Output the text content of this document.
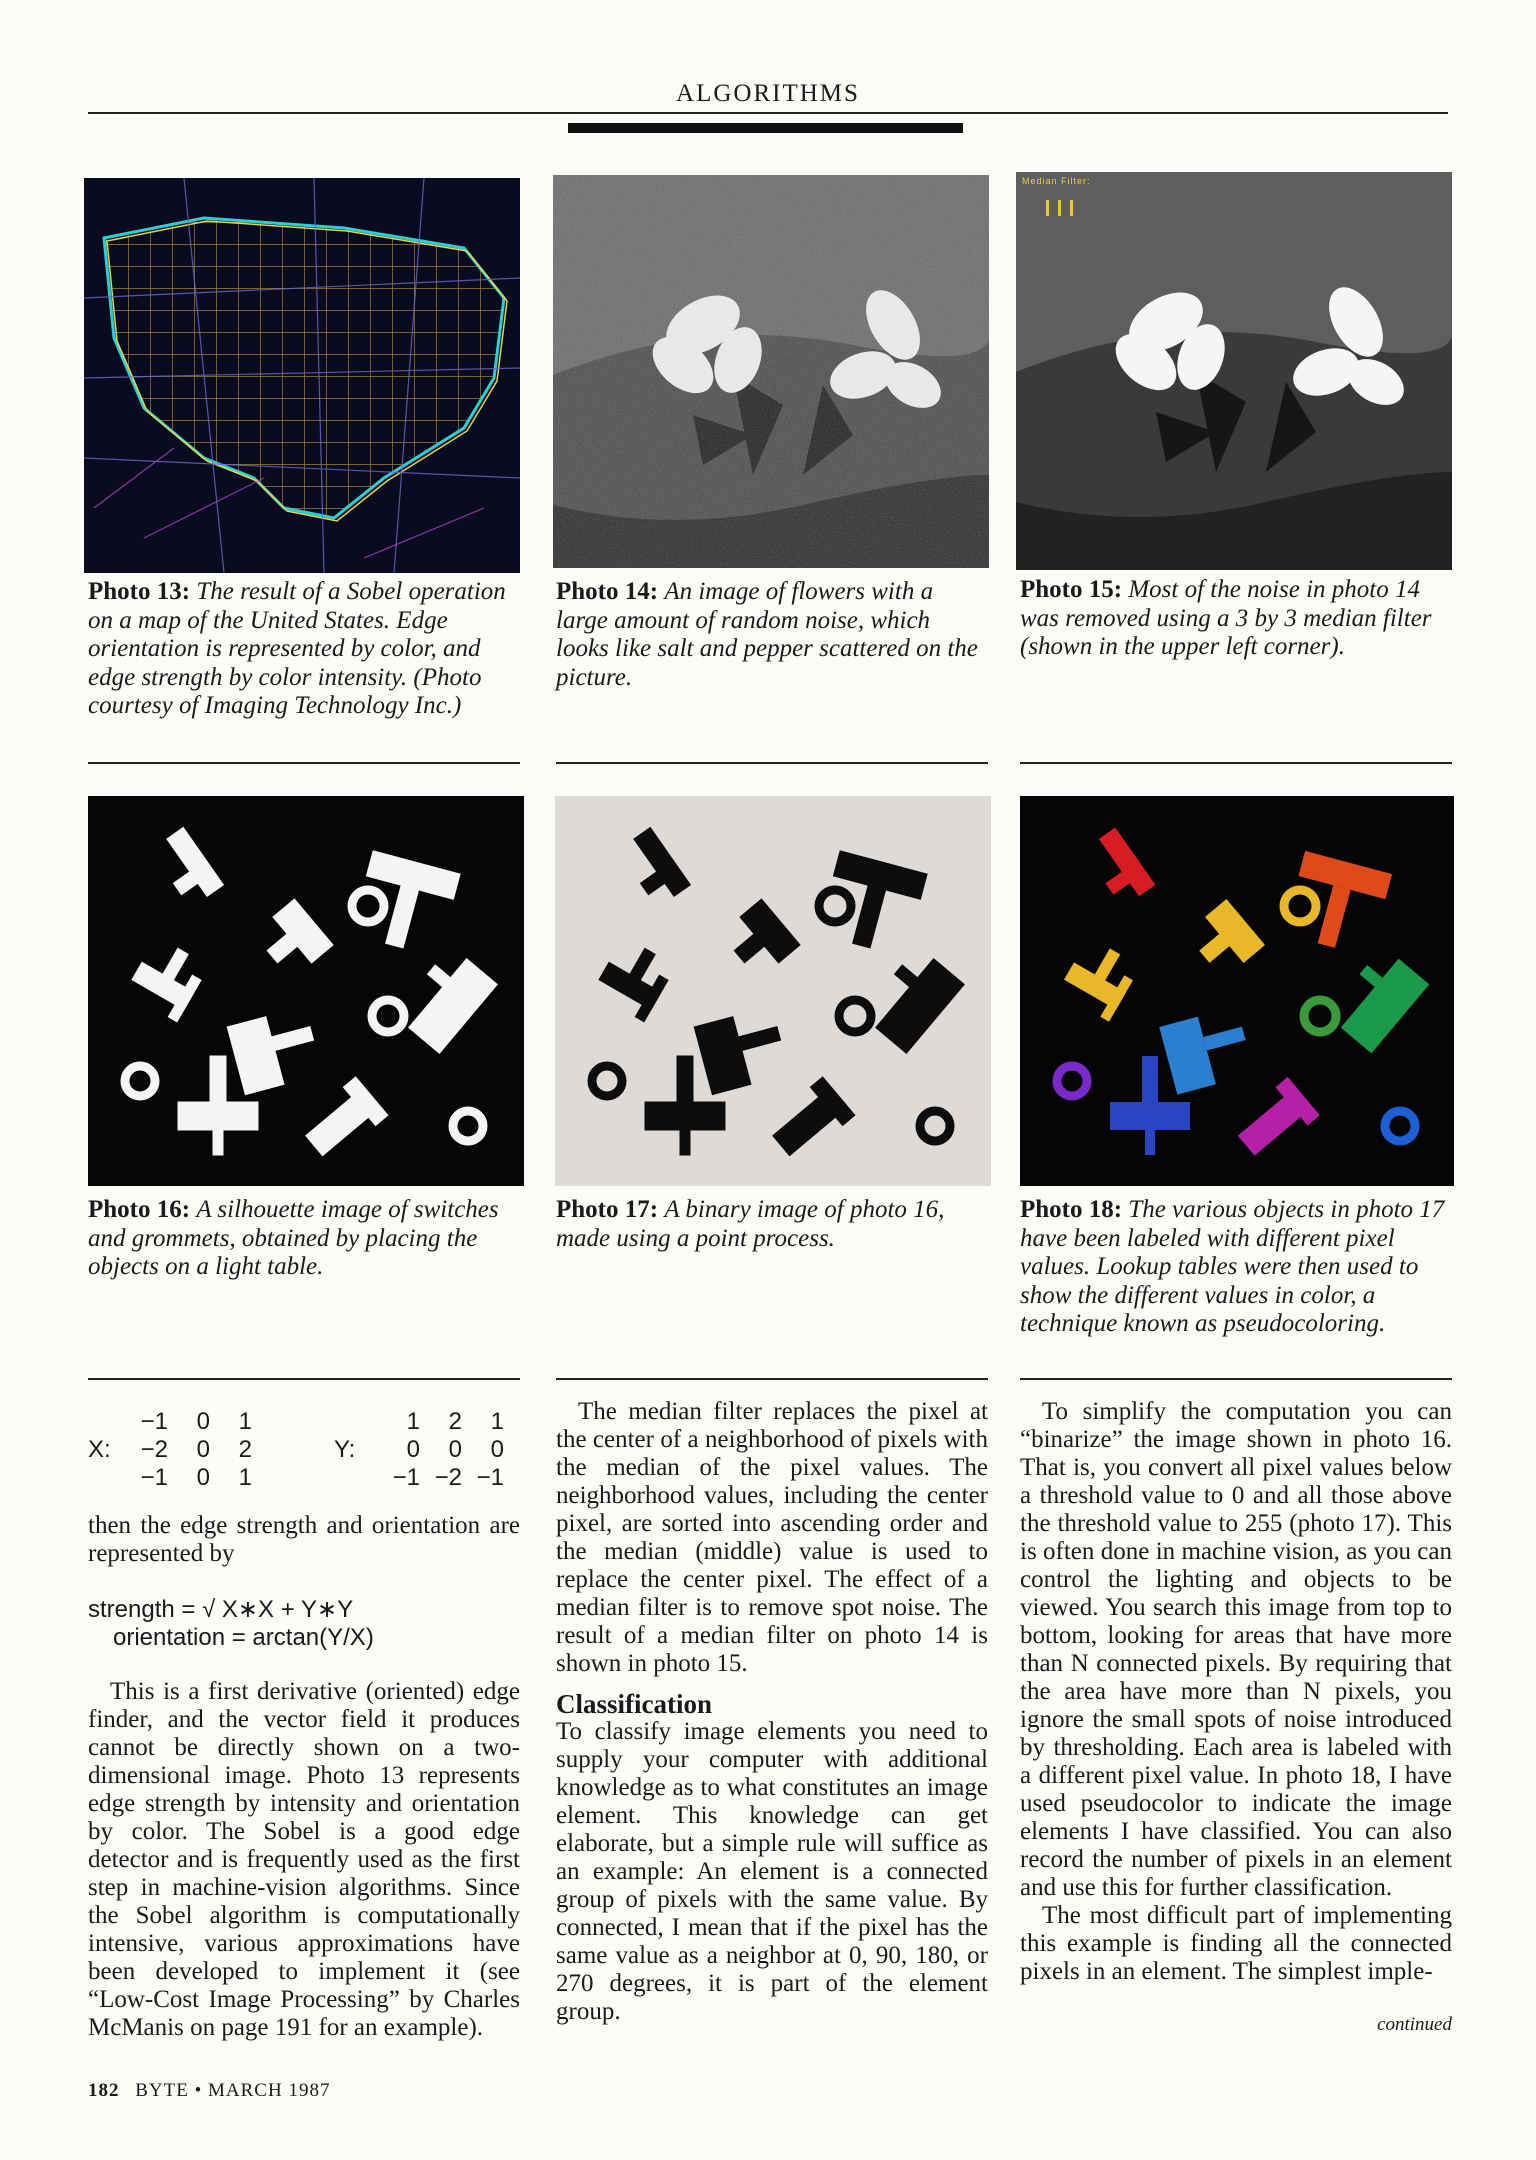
ALGORITHMS
Median Filter:
Photo 13: The result of a Sobel operation on a map of the United States. Edge orientation is represented by color, and edge strength by color intensity. (Photo courtesy of Imaging Technology Inc.)
Photo 14: An image of flowers with a large amount of random noise, which looks like salt and pepper scattered on the picture.
Photo 15: Most of the noise in photo 14 was removed using a 3 by 3 median filter (shown in the upper left corner).
Photo 16: A silhouette image of switches and grommets, obtained by placing the objects on a light table.
Photo 17: A binary image of photo 16, made using a point process.
Photo 18: The various objects in photo 17 have been labeled with different pixel values. Lookup tables were then used to show the different values in color, a technique known as pseudocoloring.
X:
−1	0	1
−2	0	2
−1	0	1
Y:
1	2	1
0	0	0
−1	−2	−1

then the edge strength and orientation are represented by

strength = √ X∗X + Y∗Y
orientation = arctan(Y/X)

This is a first derivative (oriented) edge finder, and the vector field it produces cannot be directly shown on a two-dimensional image. Photo 13 represents edge strength by intensity and orientation by color. The Sobel is a good edge detector and is frequently used as the first step in machine-vision algorithms. Since the Sobel algorithm is computationally intensive, various approximations have been developed to implement it (see “Low-Cost Image Processing” by Charles McManis on page 191 for an example).

The median filter replaces the pixel at the center of a neighborhood of pixels with the median of the pixel values. The neighborhood values, including the center pixel, are sorted into ascending order and the median (middle) value is used to replace the center pixel. The effect of a median filter is to remove spot noise. The result of a median filter on photo 14 is shown in photo 15.

Classification

To classify image elements you need to supply your computer with additional knowledge as to what constitutes an image element. This knowledge can get elaborate, but a simple rule will suffice as an example: An element is a connected group of pixels with the same value. By connected, I mean that if the pixel has the same value as a neighbor at 0, 90, 180, or 270 degrees, it is part of the element group.

To simplify the computation you can “binarize” the image shown in photo 16. That is, you convert all pixel values below a threshold value to 0 and all those above the threshold value to 255 (photo 17). This is often done in machine vision, as you can control the lighting and objects to be viewed. You search this image from top to bottom, looking for areas that have more than N connected pixels. By requiring that the area have more than N pixels, you ignore the small spots of noise introduced by thresholding. Each area is labeled with a different pixel value. In photo 18, I have used pseudocolor to indicate the image elements I have classified. You can also record the number of pixels in an element and use this for further classification.

The most difficult part of implementing this example is finding all the connected pixels in an element. The simplest imple-

continued
182 BYTE • MARCH 1987
